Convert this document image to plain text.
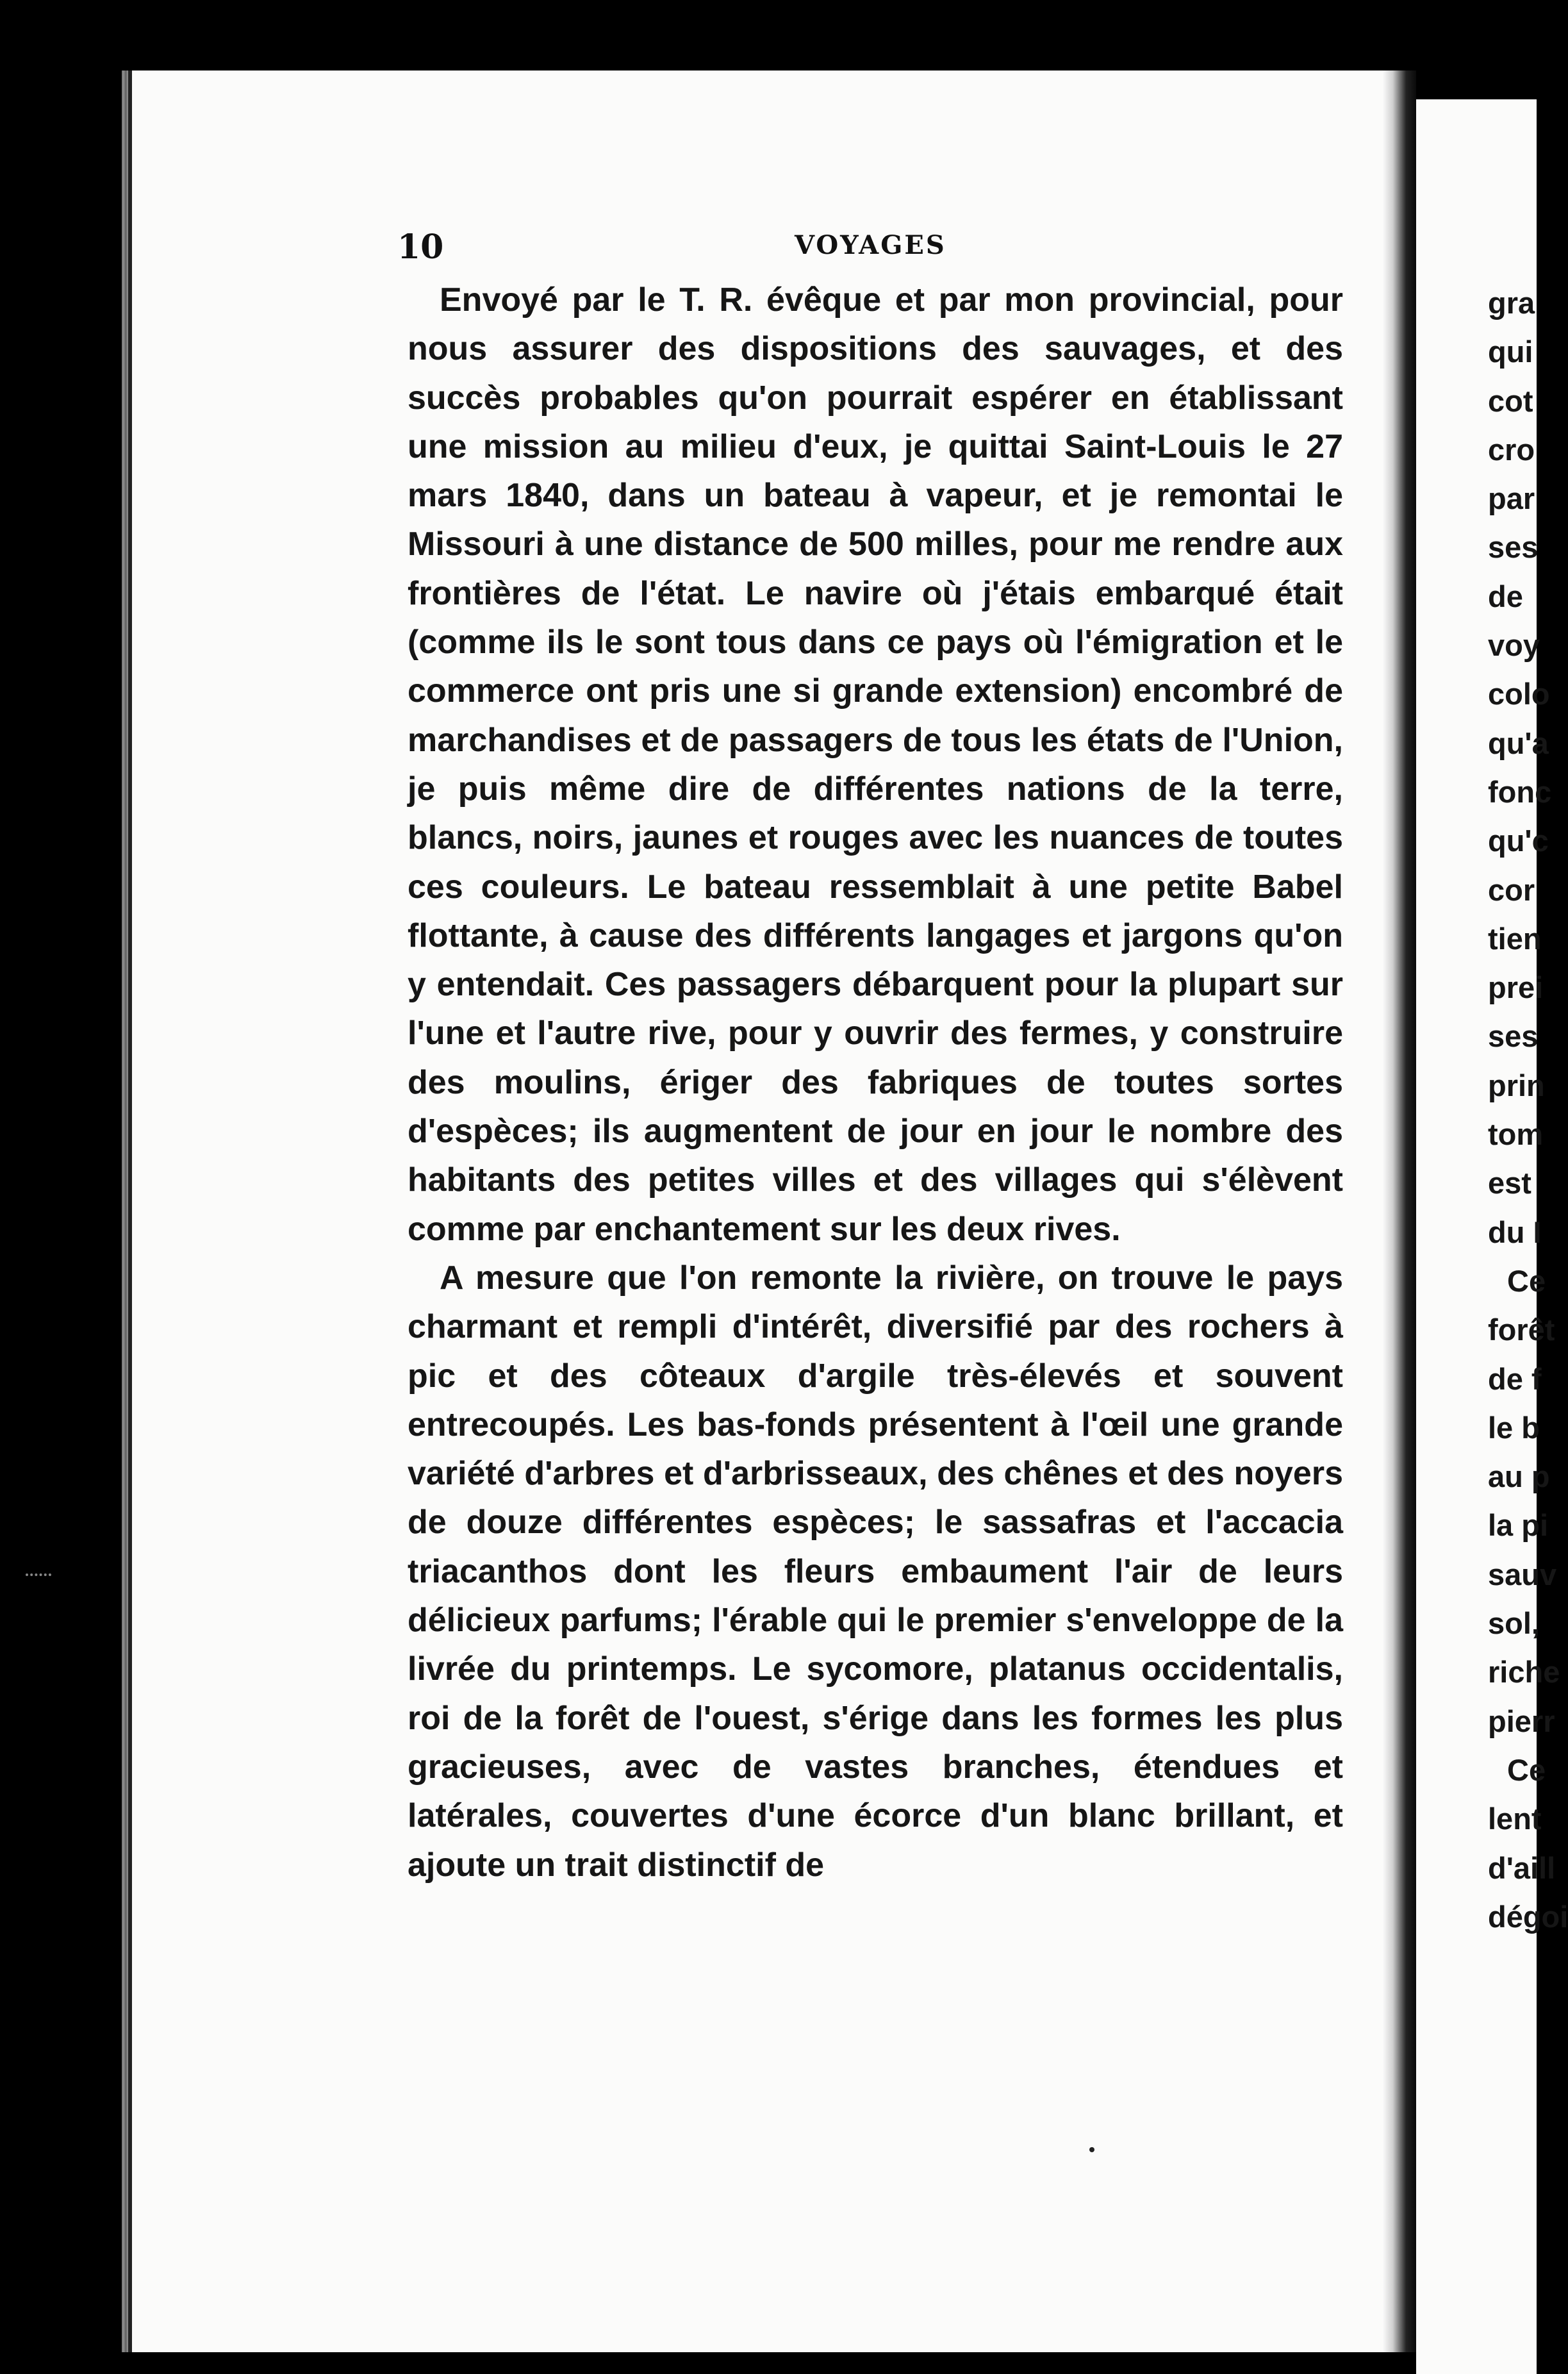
10	VOYAGES

Envoyé par le T. R. évêque et par mon provincial, pour nous assurer des dispositions des sauvages, et des succès probables qu'on pourrait espérer en établissant une mission au milieu d'eux, je quittai Saint-Louis le 27 mars 1840, dans un bateau à vapeur, et je remontai le Missouri à une distance de 500 milles, pour me rendre aux frontières de l'état. Le navire où j'étais embarqué était (comme ils le sont tous dans ce pays où l'émigration et le commerce ont pris une si grande extension) encombré de marchandises et de passagers de tous les états de l'Union, je puis même dire de différentes nations de la terre, blancs, noirs, jaunes et rouges avec les nuances de toutes ces couleurs. Le bateau ressemblait à une petite Babel flottante, à cause des différents langages et jargons qu'on y entendait. Ces passagers débarquent pour la plupart sur l'une et l'autre rive, pour y ouvrir des fermes, y construire des moulins, ériger des fabriques de toutes sortes d'espèces; ils augmentent de jour en jour le nombre des habitants des petites villes et des villages qui s'élèvent comme par enchantement sur les deux rives.

A mesure que l'on remonte la rivière, on trouve le pays charmant et rempli d'intérêt, diversifié par des rochers à pic et des côteaux d'argile très-élevés et souvent entrecoupés. Les bas-fonds présentent à l'œil une grande variété d'arbres et d'arbrisseaux, des chênes et des noyers de douze différentes espèces; le sassafras et l'accacia triacanthos dont les fleurs embaument l'air de leurs délicieux parfums; l'érable qui le premier s'enveloppe de la livrée du printemps. Le sycomore, platanus occidentalis, roi de la forêt de l'ouest, s'érige dans les formes les plus gracieuses, avec de vastes branches, étendues et latérales, couvertes d'une écorce d'un blanc brillant, et ajoute un trait distinctif de

gra
qui
cot
cro
par
ses
de
voy
colo
qu'a
fonc
qu'c
cor
tien
prei
ses
prin
tom
est
du I
Ce
forêt
de f
le b
au p
la pi
sauv
sol,
riche
pierr
Ce
lent
d'aill
dégoi
